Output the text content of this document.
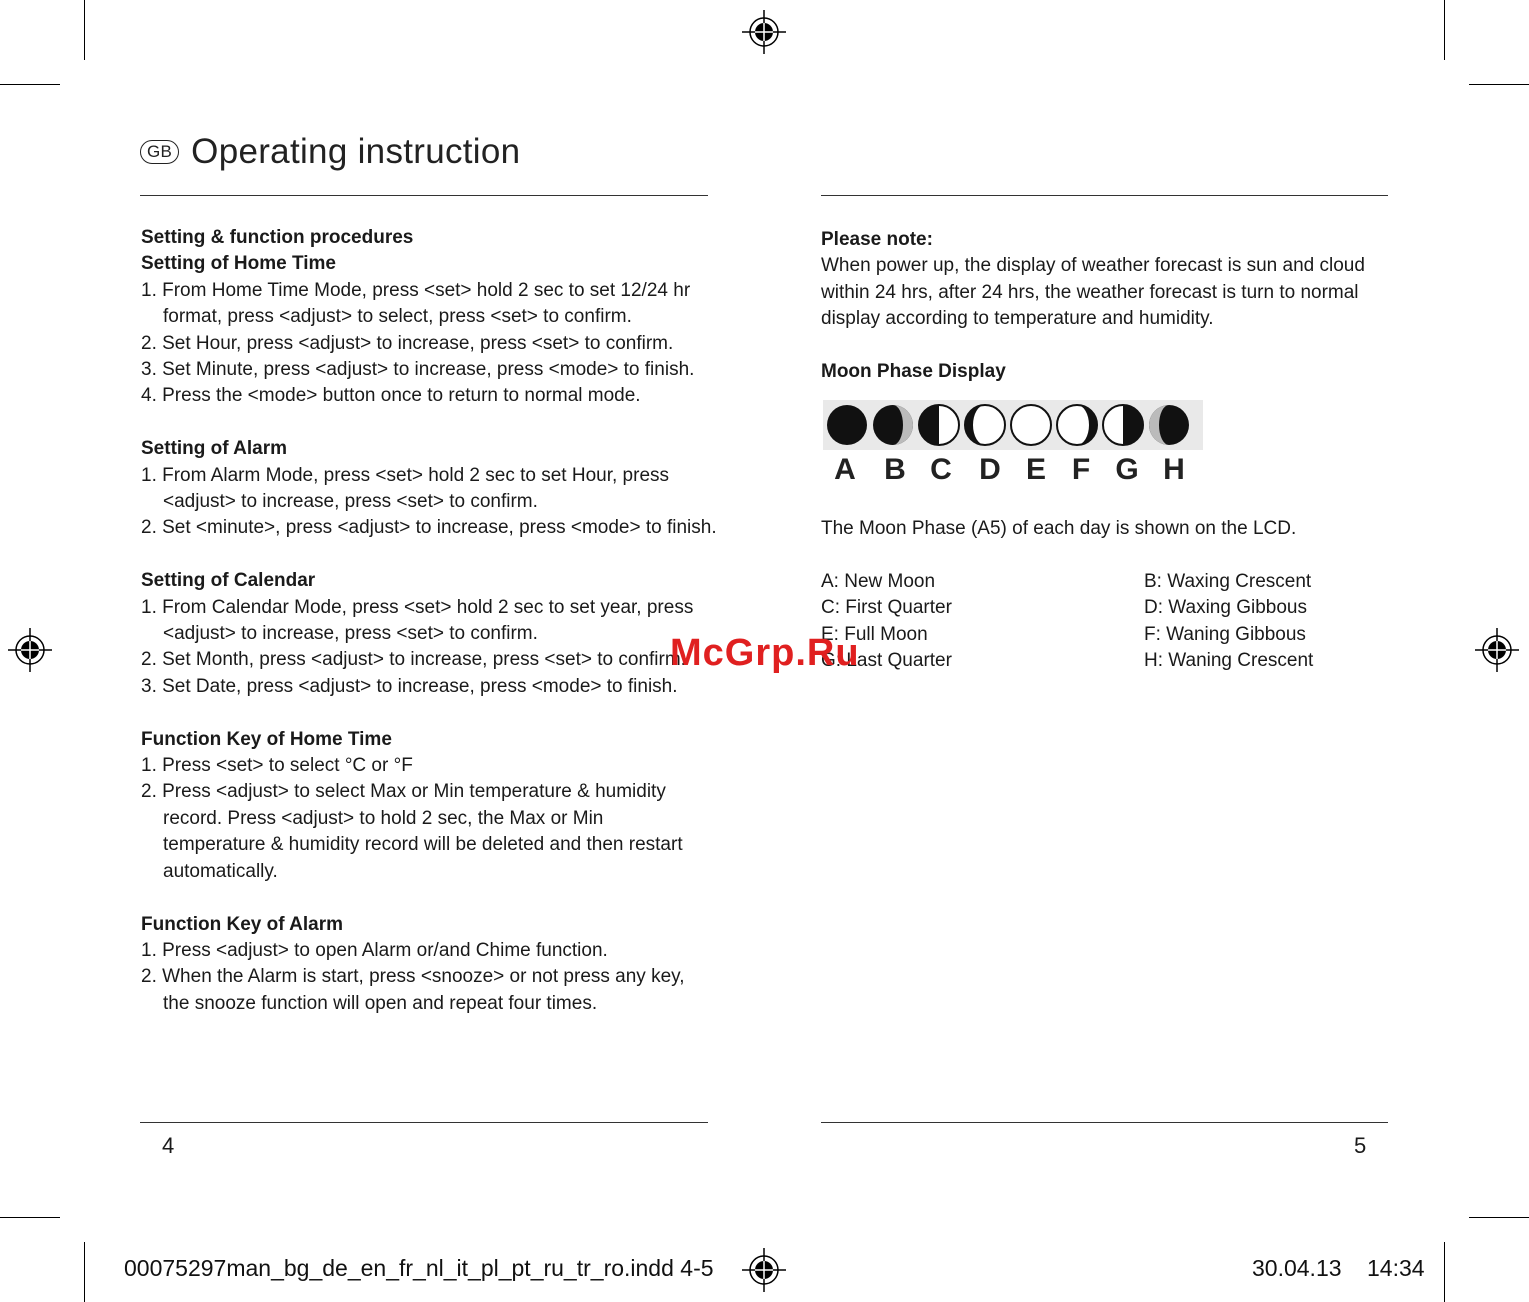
GB Operating instruction
Setting & function procedures
Setting of Home Time
1. From Home Time Mode, press <set> hold 2 sec to set 12/24 hr format, press <adjust> to select, press <set> to confirm.
2. Set Hour, press <adjust> to increase, press <set> to confirm.
3. Set Minute, press <adjust> to increase, press <mode> to finish.
4. Press the <mode> button once to return to normal mode.
Setting of Alarm
1. From Alarm Mode, press <set> hold 2 sec to set Hour, press <adjust> to increase, press <set> to confirm.
2. Set <minute>, press <adjust> to increase, press <mode> to finish.
Setting of Calendar
1. From Calendar Mode, press <set> hold 2 sec to set year, press <adjust> to increase, press <set> to confirm.
2. Set Month, press <adjust> to increase, press <set> to confirm.
3. Set Date, press <adjust> to increase, press <mode> to finish.
Function Key of Home Time
1. Press <set> to select °C or °F
2. Press <adjust> to select Max or Min temperature & humidity record. Press <adjust> to hold 2 sec, the Max or Min temperature & humidity record will be deleted and then restart automatically.
Function Key of Alarm
1. Press <adjust> to open Alarm or/and Chime function.
2. When the Alarm is start, press <snooze> or not press any key, the snooze function will open and repeat four times.
Please note:
When power up, the display of weather forecast is sun and cloud within 24 hrs, after 24 hrs, the weather forecast is turn to normal display according to temperature and humidity.
Moon Phase Display
A B C D E F G H
The Moon Phase (A5) of each day is shown on the LCD.
A: New Moon
C: First Quarter
E: Full Moon
G: Last Quarter
B: Waxing Crescent
D: Waxing Gibbous
F: Waning Gibbous
H: Waning Crescent
McGrp.Ru
4	5
00075297man_bg_de_en_fr_nl_it_pl_pt_ru_tr_ro.indd 4-5	30.04.13 14:34
